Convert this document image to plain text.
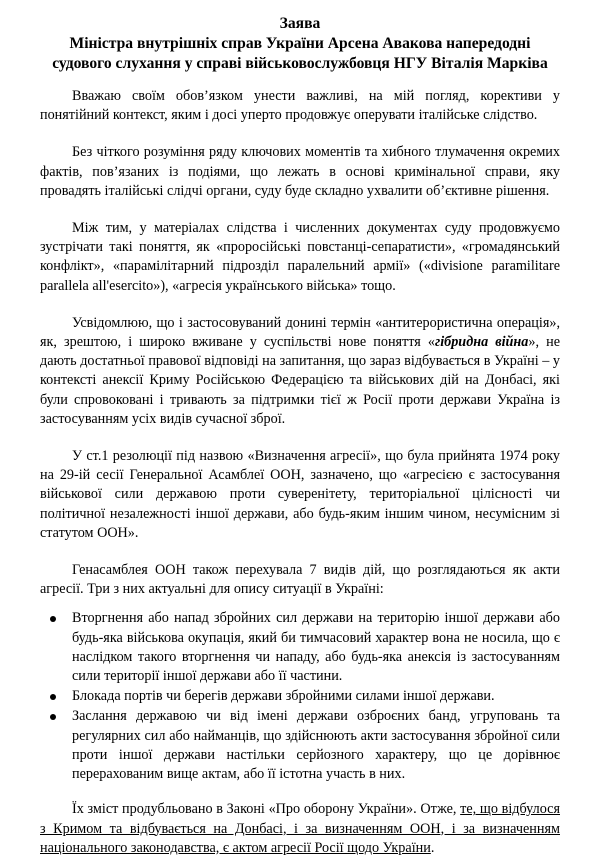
Заява

Міністра внутрішніх справ України Арсена Авакова напередодні

судового слухання у справі військовослужбовця НГУ Віталія Марківа

Вважаю своїм обов’язком унести важливі, на мій погляд, корективи у понятійний контекст, яким і досі уперто продовжує оперувати італійське слідство.

Без чіткого розуміння ряду ключових моментів та хибного тлумачення окремих фактів, пов’язаних із подіями, що лежать в основі кримінальної справи, яку провадять італійські слідчі органи, суду буде складно ухвалити об’єктивне рішення.

Між тим, у матеріалах слідства і численних документах суду продовжуємо зустрічати такі поняття, як «проросійські повстанці-сепаратисти», «громадянський конфлікт», «парамілітарний підрозділ паралельний армії» («divisione paramilitare parallela all'esercito»), «агресія українського війська» тощо.

Усвідомлюю, що і застосовуваний донині термін «антитерористична операція», як, зрештою, і широко вживане у суспільстві нове поняття «гібридна війна», не дають достатньої правової відповіді на запитання, що зараз відбувається в Україні – у контексті анексії Криму Російською Федерацією та військових дій на Донбасі, які були спровоковані і тривають за підтримки тієї ж Росії проти держави Україна із застосуванням усіх видів сучасної зброї.

У ст.1 резолюції під назвою «Визначення агресії», що була прийнята 1974 року на 29-ій сесії Генеральної Асамблеї ООН, зазначено, що «агресією є застосування військової сили державою проти суверенітету, територіальної цілісності чи політичної незалежності іншої держави, або будь-яким іншим чином, несумісним зі статутом ООН».

Генасамблея ООН також перехувала 7 видів дій, що розглядаються як акти агресії. Три з них актуальні для опису ситуації в Україні:

Вторгнення або напад збройних сил держави на територію іншої держави або будь-яка військова окупація, який би тимчасовий характер вона не носила, що є наслідком такого вторгнення чи нападу, або будь-яка анексія із застосуванням сили території іншої держави або її частини.
Блокада портів чи берегів держави збройними силами іншої держави.
Заслання державою чи від імені держави озброєних банд, угруповань та регулярних сил або найманців, що здійснюють акти застосування збройної сили проти іншої держави настільки серйозного характеру, що це дорівнює перерахованим вище актам, або її істотна участь в них.

Їх зміст продубльовано в Законі «Про оборону України». Отже, те, що відбулося з Кримом та відбувається на Донбасі, і за визначенням ООН, і за визначенням національного законодавства, є актом агресії Росії щодо України.
